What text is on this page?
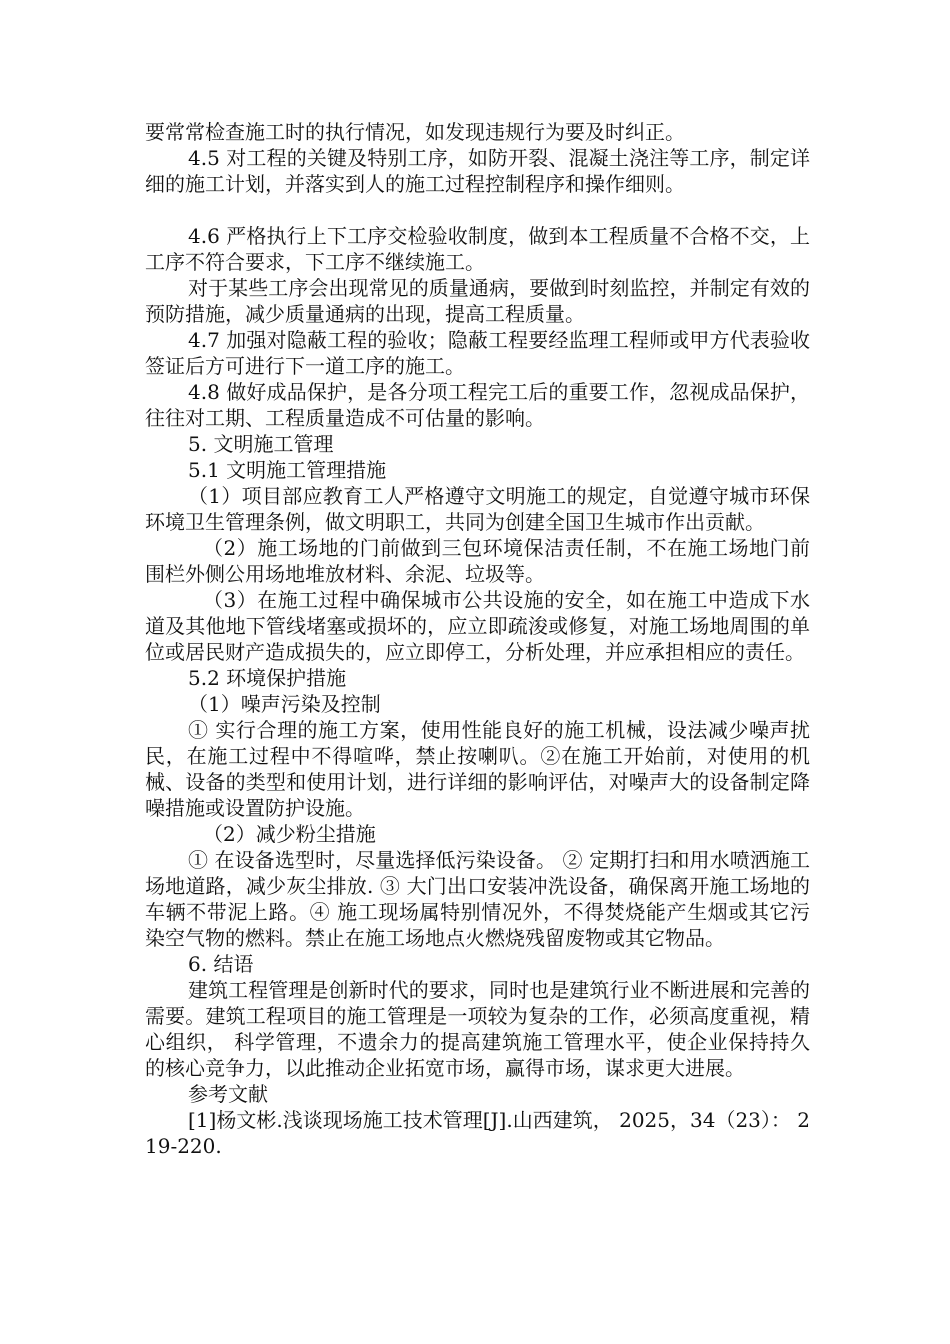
要常常检查施工时的执行情况，如发现违规行为要及时纠正。

4.5 对工程的关键及特别工序，如防开裂、混凝土浇注等工序，制定详细的施工计划，并落实到人的施工过程控制程序和操作细则。

4.6 严格执行上下工序交检验收制度，做到本工程质量不合格不交，上工序不符合要求，下工序不继续施工。

对于某些工序会出现常见的质量通病，要做到时刻监控，并制定有效的预防措施，减少质量通病的出现，提高工程质量。

4.7 加强对隐蔽工程的验收；隐蔽工程要经监理工程师或甲方代表验收签证后方可进行下一道工序的施工。

4.8 做好成品保护，是各分项工程完工后的重要工作，忽视成品保护，往往对工期、工程质量造成不可估量的影响。

5. 文明施工管理

5.1 文明施工管理措施

（1）项目部应教育工人严格遵守文明施工的规定，自觉遵守城市环保环境卫生管理条例，做文明职工，共同为创建全国卫生城市作出贡献。

（2）施工场地的门前做到三包环境保洁责任制，不在施工场地门前围栏外侧公用场地堆放材料、余泥、垃圾等。

（3）在施工过程中确保城市公共设施的安全，如在施工中造成下水道及其他地下管线堵塞或损坏的，应立即疏浚或修复，对施工场地周围的单位或居民财产造成损失的，应立即停工，分析处理，并应承担相应的责任。

5.2 环境保护措施

（1）噪声污染及控制

① 实行合理的施工方案，使用性能良好的施工机械，设法减少噪声扰民，在施工过程中不得喧哗，禁止按喇叭。②在施工开始前，对使用的机械、设备的类型和使用计划，进行详细的影响评估，对噪声大的设备制定降噪措施或设置防护设施。

（2）减少粉尘措施

① 在设备选型时，尽量选择低污染设备。 ② 定期打扫和用水喷洒施工场地道路，减少灰尘排放. ③ 大门出口安装冲洗设备，确保离开施工场地的车辆不带泥上路。④ 施工现场属特别情况外，不得焚烧能产生烟或其它污染空气物的燃料。禁止在施工场地点火燃烧残留废物或其它物品。

6. 结语

建筑工程管理是创新时代的要求，同时也是建筑行业不断进展和完善的需要。建筑工程项目的施工管理是一项较为复杂的工作，必须高度重视，精心组织， 科学管理，不遗余力的提高建筑施工管理水平，使企业保持持久的核心竞争力，以此推动企业拓宽市场，赢得市场，谋求更大进展。

参考文献

[1]杨文彬.浅谈现场施工技术管理[J].山西建筑， 2025，34（23）： 219-220.
